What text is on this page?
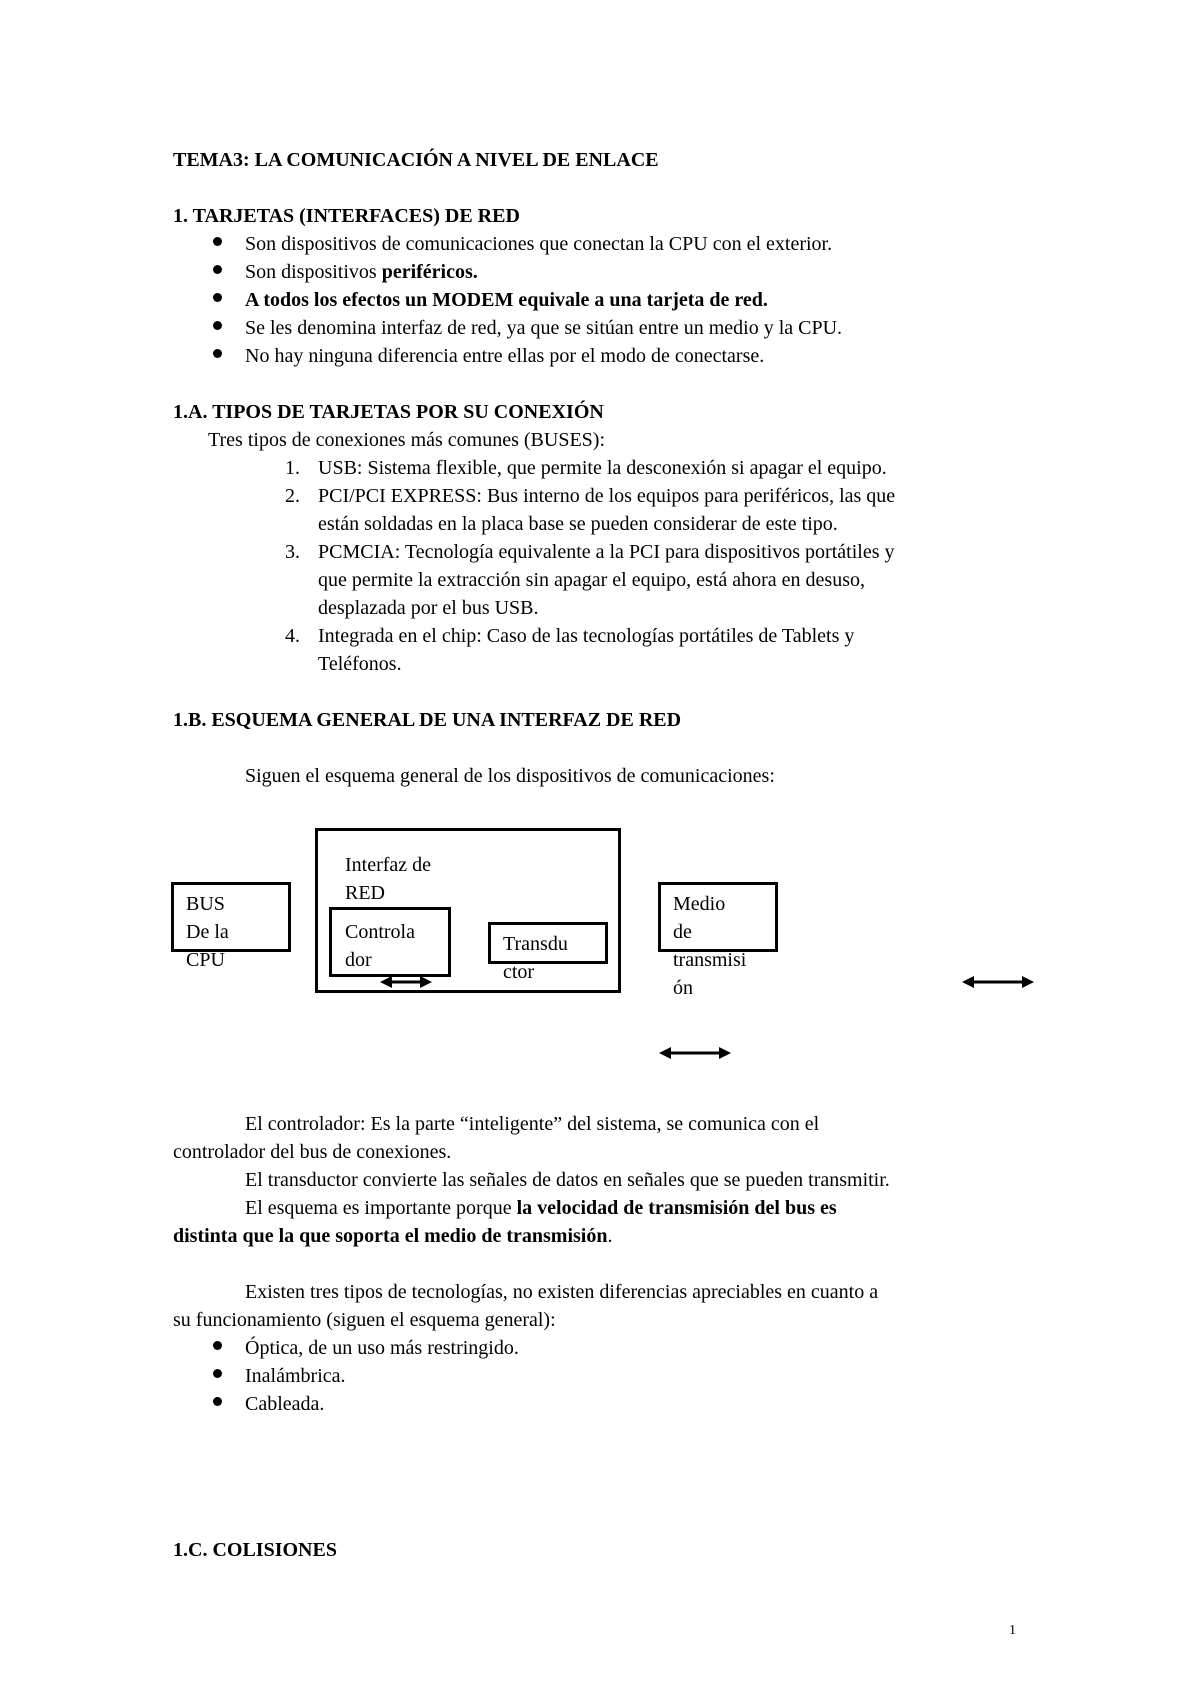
TEMA3: LA COMUNICACIÓN A NIVEL DE ENLACE
1. TARJETAS (INTERFACES) DE RED
Son dispositivos de comunicaciones que conectan la CPU con el exterior.
Son dispositivos periféricos.
A todos los efectos un MODEM equivale a una tarjeta de red.
Se les denomina interfaz de red, ya que se sitúan entre un medio y la CPU.
No hay ninguna diferencia entre ellas por el modo de conectarse.
1.A. TIPOS DE TARJETAS POR SU CONEXIÓN
Tres tipos de conexiones más comunes (BUSES):
1. USB: Sistema flexible, que permite la desconexión si apagar el equipo.
2. PCI/PCI EXPRESS: Bus interno de los equipos para periféricos, las que
están soldadas en la placa base se pueden considerar de este tipo.
3. PCMCIA: Tecnología equivalente a la PCI para dispositivos portátiles y
que permite la extracción sin apagar el equipo, está ahora en desuso,
desplazada por el bus USB.
4. Integrada en el chip: Caso de las tecnologías portátiles de Tablets y
Teléfonos.
1.B. ESQUEMA GENERAL DE UNA INTERFAZ DE RED
Siguen el esquema general de los dispositivos de comunicaciones:
BUS
De la
CPU
Interfaz de
RED
Controla
dor
Transdu
ctor
Medio
de
transmisi
ón
El controlador: Es la parte “inteligente” del sistema, se comunica con el
controlador del bus de conexiones.
El transductor convierte las señales de datos en señales que se pueden transmitir.
El esquema es importante porque la velocidad de transmisión del bus es
distinta que la que soporta el medio de transmisión.
Existen tres tipos de tecnologías, no existen diferencias apreciables en cuanto a
su funcionamiento (siguen el esquema general):
Óptica, de un uso más restringido.
Inalámbrica.
Cableada.
1.C. COLISIONES
1
